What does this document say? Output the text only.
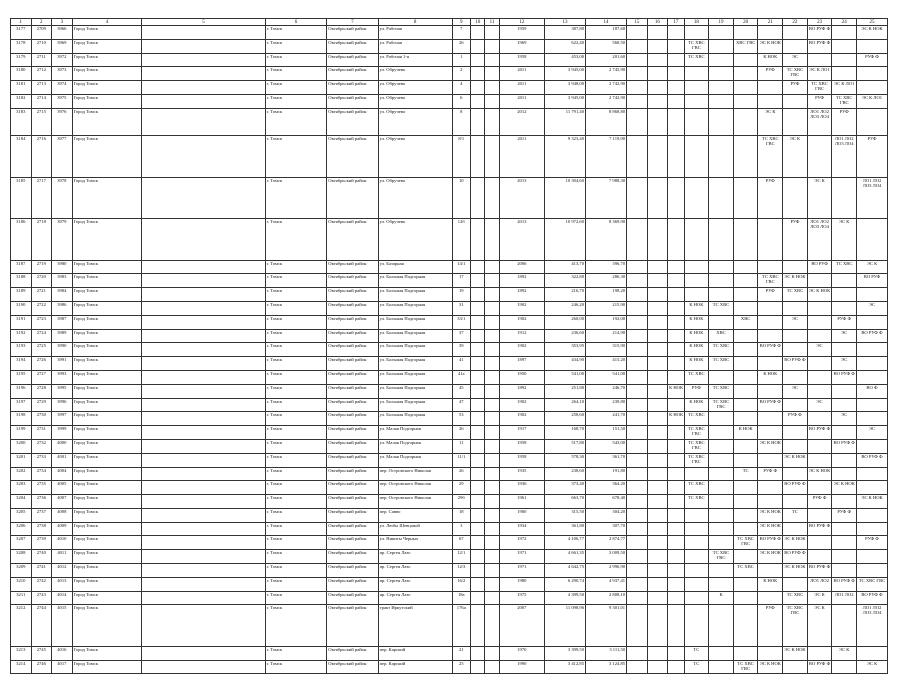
1	2	3	4	5	6	7	8	9	10	11	12	13	14	15	16	17	18	19	20	21	22	23	24	25
3177	2709	3966	Город Томск		г. Томск	Октябрьский район	ул. Рабочая	7			1959	387,80	187,60									ВО РУФ Ф		ЭС К НОК
3178	2710	3969	Город Томск		г. Томск	Октябрьский район	ул. Рабочая	26			1969	622,40	568,50				ТС ХВС ГВС		ХВС ГВС	ЭС К НОК		ВО РУФ Ф		
3179	2711	3972	Город Томск		г. Томск	Октябрьский район	ул. Рабочая 1-я	1			1958	453,00	201,60				ТС ХВС			К НОК	ЭС			РУФ Ф
3180	2712	3973	Город Томск		г. Томск	Октябрьский район	ул. Обручева	2			2011	3 945,00	2 745,90							РУФ	ТС ХВС ГВС	ЭС К ЛО1		
3181	2713	3974	Город Томск		г. Томск	Октябрьский район	ул. Обручева	4			2011	3 948,00	2 742,90								РУФ	ТС ХВС ГВС	ЭС К ЛО1	
3182	2714	3975	Город Томск		г. Томск	Октябрьский район	ул. Обручева	6			2011	3 945,00	2 742,90									РУФ	ТС ХВС ГВС	ЭС К ЛО1
3183	2715	3976	Город Томск		г. Томск	Октябрьский район	ул. Обручева	8			2012	11 791,40	8 868,80							ЭС К		ЛО1 ЛО2 ЛО3 ЛО4	РУФ	
3184	2716	3977	Город Томск		г. Томск	Октябрьский район	ул. Обручева	8/1			2011	9 323,40	7 119,00							ТС ХВС ГВС	ЭС К		ЛО1 ЛО2 ЛО3 ЛО4	РУФ
3185	2717	3978	Город Томск		г. Томск	Октябрьский район	ул. Обручева	10			2013	10 304,60	7 988,30							РУФ		ЭС К		ЛО1 ЛО2 ЛО3 ЛО4
3186	2718	3979	Город Томск		г. Томск	Октябрьский район	ул. Обручева	12б			2013	10 972,60	8 369,90								РУФ	ЛО1 ЛО2 ЛО3 ЛО4	ЭС К	
3187	2719	3980	Город Томск		г. Томск	Октябрьский район	ул. Базарная	14/1			2006	413,70	396,70									ВО РУФ	ТС ХВС	ЭС К
3188	2720	3983	Город Томск		г. Томск	Октябрьский район	ул. Большая Подгорная	17			1892	322,80	286,30							ТС ХВС ГВС	ЭС К НОК			ВО РУФ
3189	2721	3984	Город Томск		г. Томск	Октябрьский район	ул. Большая Подгорная	19			1892	216,70	198,20							РУФ	ТС ХВС	ЭС К НОК		
3190	2722	3986	Город Томск		г. Томск	Октябрьский район	ул. Большая Подгорная	31			1902	246,20	215,90				К НОК	ТС ХВС						ЭС
3191	2723	3987	Город Томск		г. Томск	Октябрьский район	ул. Большая Подгорная	33/1			1902	260,00	192,00				К НОК		ХВС		ЭС		РУФ Ф	
3192	2724	3989	Город Томск		г. Томск	Октябрьский район	ул. Большая Подгорная	37			1912	236,60	214,90				К НОК	ХВС					ЭС	ВО РУФ Ф
3193	2725	3990	Город Томск		г. Томск	Октябрьский район	ул. Большая Подгорная	39			1902	353,95	315,90				К НОК	ТС ХВС		ВО РУФ Ф		ЭС		
3194	2726	3991	Город Томск		г. Томск	Октябрьский район	ул. Большая Подгорная	41			1897	434,90	415,20				К НОК	ТС ХВС			ВО РУФ Ф		ЭС	
3195	2727	3993	Город Томск		г. Томск	Октябрьский район	ул. Большая Подгорная	41а			1950	541,00	541,00				ТС ХВС			К НОК			ВО РУФ Ф	
3196	2728	3995	Город Томск		г. Томск	Октябрьский район	ул. Большая Подгорная	45			1892	251,80	246,70			К НОК	РУФ	ТС ХВС			ЭС			ВО Ф
3197	2729	3996	Город Томск		г. Томск	Октябрьский район	ул. Большая Подгорная	47			1902	264,10	239,80				К НОК	ТС ХВС ГВС		ВО РУФ Ф		ЭС		
3198	2730	3997	Город Томск		г. Томск	Октябрьский район	ул. Большая Подгорная	53			1902	258,60	241,70			К НОК	ТС ХВС				РУФ Ф		ЭС	
3199	2731	3999	Город Томск		г. Томск	Октябрьский район	ул. Малая Подгорная	26			1917	168,70	151,50				ТС ХВС ГВС		К НОК			ВО РУФ Ф		ЭС
3200	2732	4000	Город Томск		г. Томск	Октябрьский район	ул. Малая Подгорная	11			1958	517,80	543,00				ТС ХВС ГВС			ЭС К НОК			ВО РУФ Ф	
3201	2733	4001	Город Томск		г. Томск	Октябрьский район	ул. Малая Подгорная	11/1			1958	578,30	361,70				ТС ХВС ГВС				ЭС К НОК			ВО РУФ Ф
3202	2734	4004	Город Томск		г. Томск	Октябрьский район	пер. Островского Николая	26			1935	238,60	191,80						ТС	РУФ Ф		ЭС К НОК		
3203	2735	4005	Город Томск		г. Томск	Октябрьский район	пер. Островского Николая	29			1936	373,40	364,20				ТС ХВС				ВО РУФ Ф		ЭС К НОК	
3204	2736	4007	Город Томск		г. Томск	Октябрьский район	пер. Островского Николая	29б			1961	663,70	678,40				ТС ХВС					РУФ Ф		ЭС К НОК
3205	2737	4008	Город Томск		г. Томск	Октябрьский район	пер. Савво	18			1900	315,50	304,20							ЭС К НОК	ТС		РУФ Ф	
3206	2738	4009	Город Томск		г. Томск	Октябрьский район	ул. Любы Шевцовой	3			1934	361,80	307,70							ЭС К НОК		ВО РУФ Ф		
3207	2739	4010	Город Томск		г. Томск	Октябрьский район	ул. Никиты Черных	67			1972	4 106,77	2 874,77						ТС ХВС ГВС	ВО РУФ Ф	ЭС К НОК			РУФ Ф
3208	2740	4011	Город Томск		г. Томск	Октябрьский район	пр. Сергея Лазо	12/1			1971	4 661,35	3 009,50					ТС ХВС ГВС		ЭС К НОК	ВО РУФ Ф			
3209	2741	4012	Город Томск		г. Томск	Октябрьский район	пр. Сергея Лазо	12/3			1971	4 642,75	2 996,90						ТС ХВС		ЭС К НОК	ВО РУФ Ф		
3210	2742	4013	Город Томск		г. Томск	Октябрьский район	пр. Сергея Лазо	16/2			1980	6 290,74	4 937,41							К НОК		ЛО1 ЛО2	ВО РУФ Ф	ТС ХВС ГВС
3211	2743	4014	Город Томск		г. Томск	Октябрьский район	пр. Сергея Лазо	18а			1975	4 399,50	2 808,10					К			ТС ХВС	ЭС К	ЛО1 ЛО2	ВО РУФ Ф
3212	2744	4015	Город Томск		г. Томск	Октябрьский район	тракт Иркутский	176а			2007	11 098,96	9 301,01							РУФ	ТС ХВС ГВС	ЭС К		ЛО1 ЛО2 ЛО3 ЛО4
3213	2745	4016	Город Томск		г. Томск	Октябрьский район	пер. Карский	21			1970	3 399,50	3 111,50				ТС				ЭС К НОК		ЭС К	
3214	2746	4017	Город Томск		г. Томск	Октябрьский район	пер. Карский	25			1990	3 412,85	3 124,85				ТС		ТС ХВС ГВС	ЭС К НОК		ВО РУФ Ф		ЭС К
